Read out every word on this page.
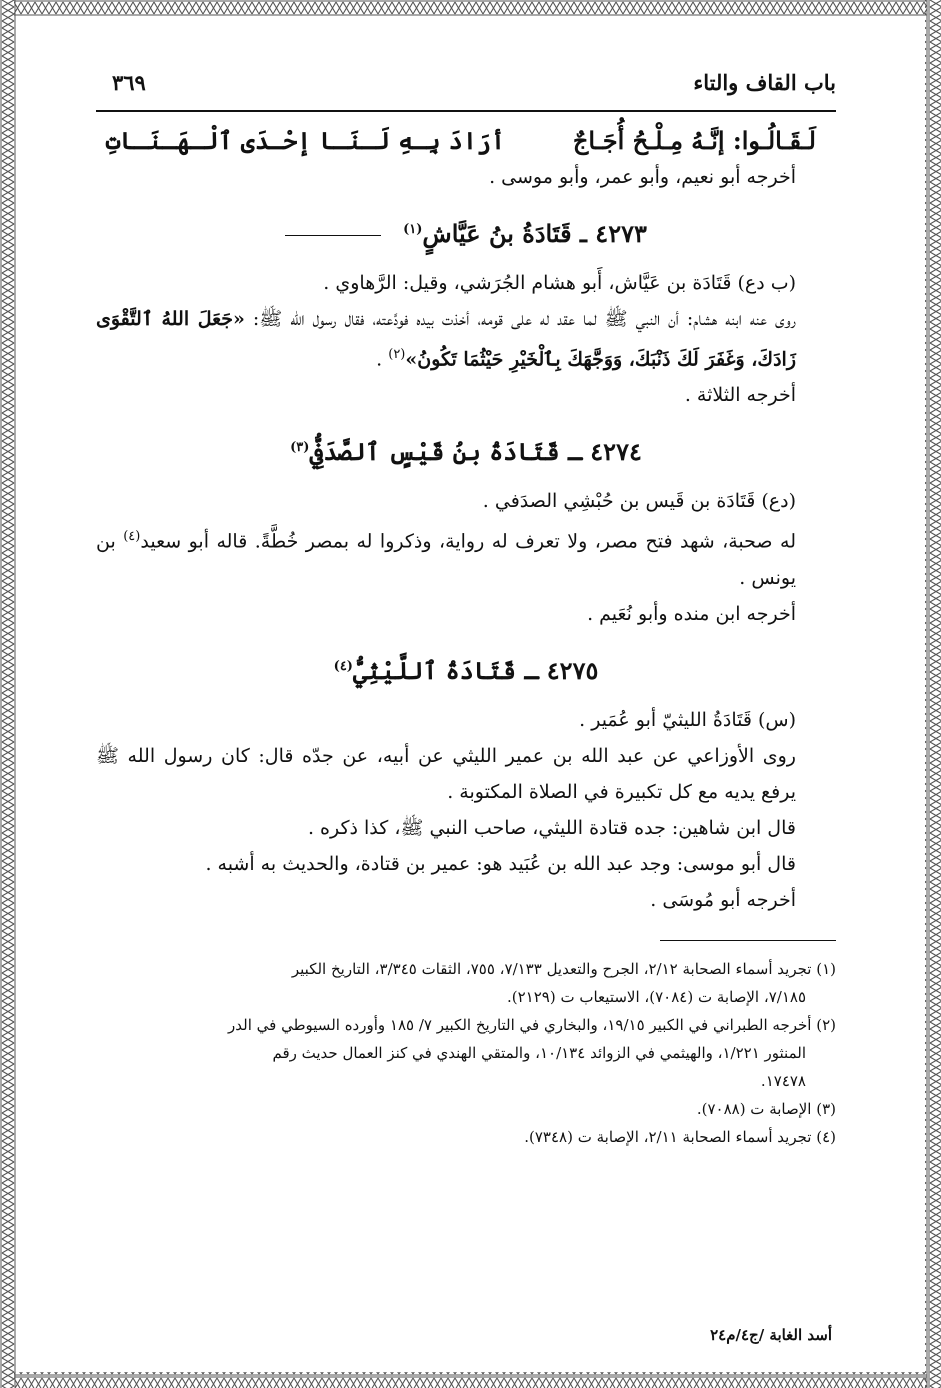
باب القاف والتاء
٣٦٩
لَـقَـالُـوا: إنَّـهُ مِـلْـحُ أُجَـاجٌ
أرَادَ بِـهِ لَـنَـا إحْـدَى ٱلْـهَـنَـاتِ

أخرجه أبو نعيم، وأبو عمر، وأبو موسى .

٤٢٧٣ ـ قَتَادَةُ بنُ عَيَّاشٍ$^{(١)}$

(ب دع) قَتَادَة بن عَيَّاش، أَبو هشام الجُرَشي، وقيل: الرَّهاوي .

روى عنه ابنه هشام: أن النبي ﷺ لما عقد له على قومه، أخذت بيده فودَّعته، فقال رسول الله ﷺ: «جَعَلَ اللهُ ٱلتَّقْوَى زَادَكَ، وَغَفَرَ لَكَ ذَنْبَكَ، وَوَجَّهَكَ بِٱلْخَيْرِ حَيْثُمَا تَكُونُ»$^{(٢)}$ .

أخرجه الثلاثة .

٤٢٧٤ ـ قَتَادَةُ بنُ قَيْسٍ ٱلصَّدَفِيُّ$^{(٣)}$

(دع) قَتَادَة بن قَيس بن حُبْشِي الصدَفي .

له صحبة، شهد فتح مصر، ولا تعرف له رواية، وذكروا له بمصر خُطَّةً. قاله أبو سعيد$^{(٤)}$ بن يونس .

أخرجه ابن منده وأبو نُعَيم .

٤٢٧٥ ـ قَتَادَةُ ٱللَّيْثِيُّ$^{(٤)}$

(س) قَتَادَةُ الليثيّ أبو عُمَير .

روى الأوزاعي عن عبد الله بن عمير الليثي عن أبيه، عن جدّه قال: كان رسول الله ﷺ يرفع يديه مع كل تكبيرة في الصلاة المكتوبة .

قال ابن شاهين: جده قتادة الليثي، صاحب النبي ﷺ، كذا ذكره .

قال أبو موسى: وجد عبد الله بن عُبَيد هو: عمير بن قتادة، والحديث به أشبه .

أخرجه أبو مُوسَى .

(١) تجريد أسماء الصحابة ٢/١٢، الجرح والتعديل ٧/١٣٣، ٧٥٥، الثقات ٣/٣٤٥، التاريخ الكبير

٧/١٨٥، الإصابة ت (٧٠٨٤)، الاستيعاب ت (٢١٢٩).

(٢) أخرجه الطبراني في الكبير ١٩/١٥، والبخاري في التاريخ الكبير ٧/ ١٨٥ وأورده السيوطي في الدر

المنثور ١/٢٢١، والهيثمي في الزوائد ١٠/١٣٤، والمتقي الهندي في كنز العمال حديث رقم

١٧٤٧٨.

(٣) الإصابة ت (٧٠٨٨).

(٤) تجريد أسماء الصحابة ٢/١١، الإصابة ت (٧٣٤٨).

أسد الغابة /ج٤/م٢٤
